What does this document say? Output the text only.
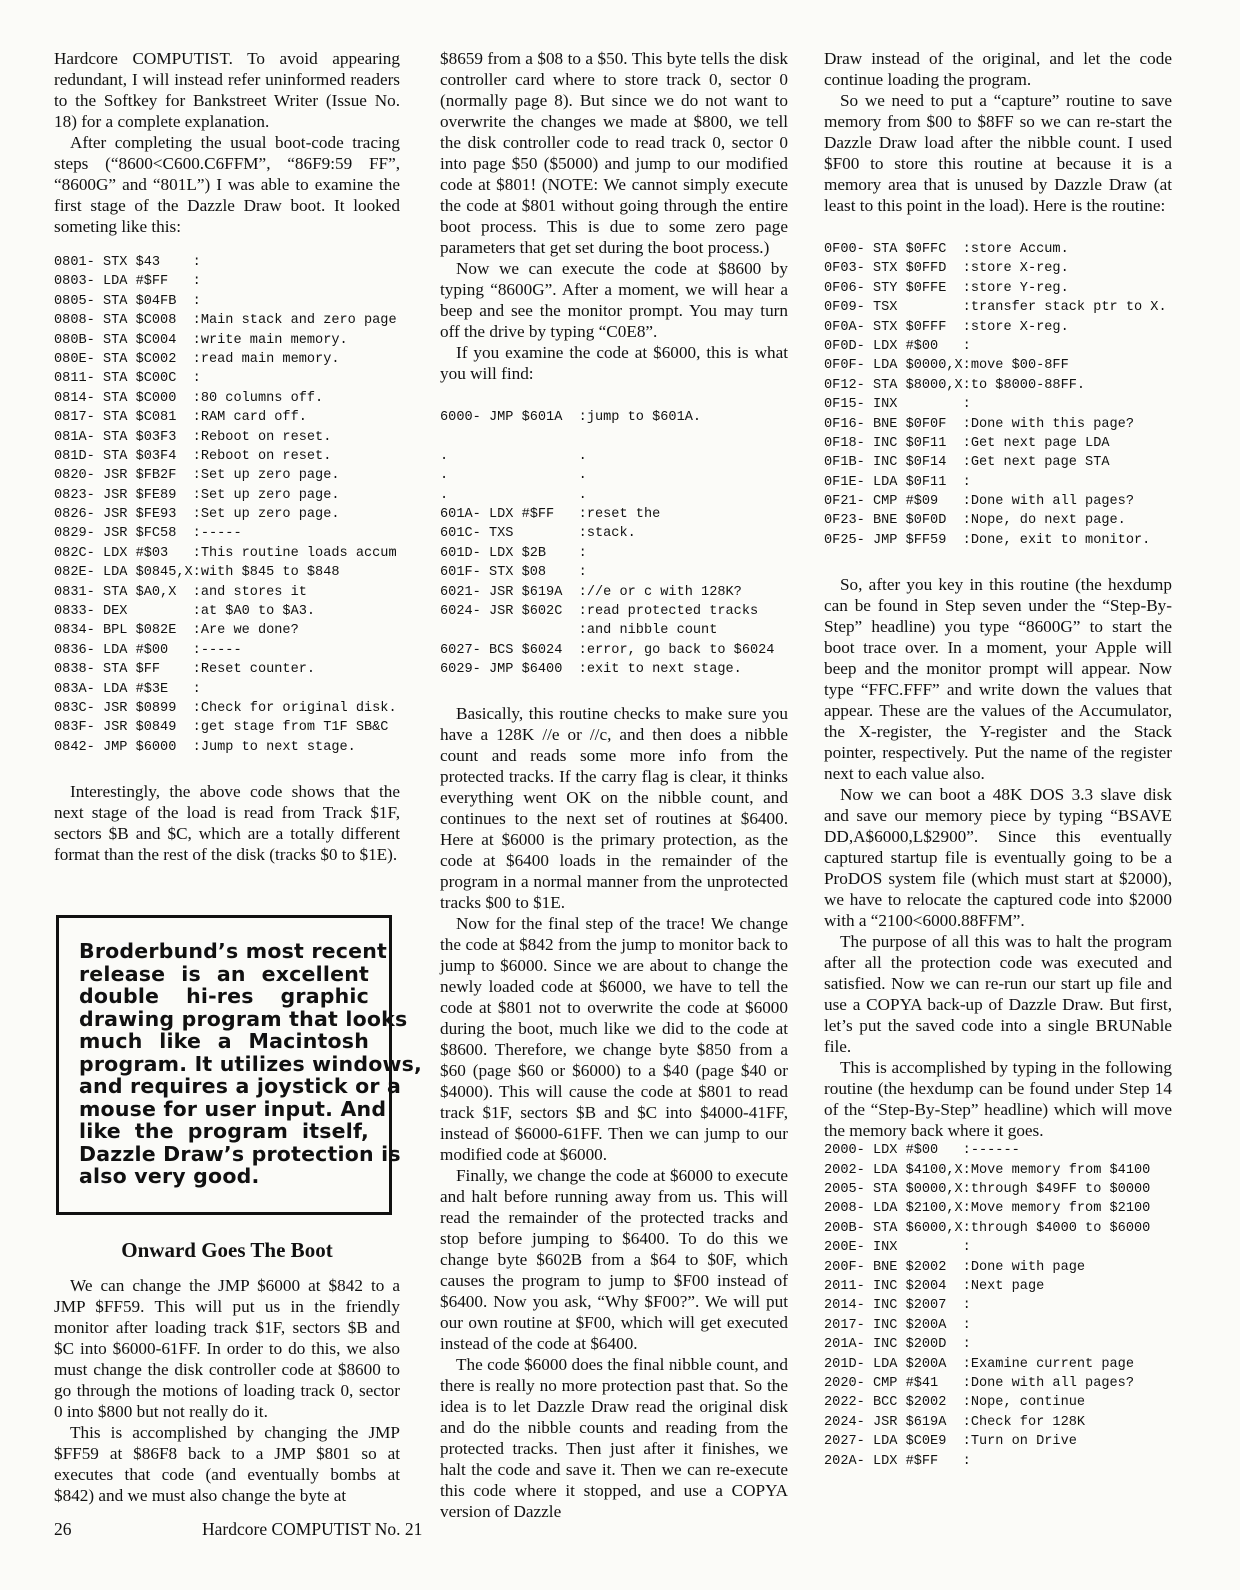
Hardcore COMPUTIST. To avoid appearing redundant, I will instead refer uninformed readers to the Softkey for Bankstreet Writer (Issue No. 18) for a complete explanation.

After completing the usual boot-code tracing steps (“8600<C600.C6FFM”, “86F9:59 FF”, “8600G” and “801L”) I was able to examine the first stage of the Dazzle Draw boot. It looked someting like this:

0801- STX $43    :
0803- LDA #$FF   :
0805- STA $04FB  :
0808- STA $C008  :Main stack and zero page
080B- STA $C004  :write main memory.
080E- STA $C002  :read main memory.
0811- STA $C00C  :
0814- STA $C000  :80 columns off.
0817- STA $C081  :RAM card off.
081A- STA $03F3  :Reboot on reset.
081D- STA $03F4  :Reboot on reset.
0820- JSR $FB2F  :Set up zero page.
0823- JSR $FE89  :Set up zero page.
0826- JSR $FE93  :Set up zero page.
0829- JSR $FC58  :-----
082C- LDX #$03   :This routine loads accum
082E- LDA $0845,X:with $845 to $848
0831- STA $A0,X  :and stores it
0833- DEX        :at $A0 to $A3.
0834- BPL $082E  :Are we done?
0836- LDA #$00   :-----
0838- STA $FF    :Reset counter.
083A- LDA #$3E   :
083C- JSR $0899  :Check for original disk.
083F- JSR $0849  :get stage from T1F SB&C
0842- JMP $6000  :Jump to next stage.

Interestingly, the above code shows that the next stage of the load is read from Track $1F, sectors $B and $C, which are a totally different format than the rest of the disk (tracks $0 to $1E).

Broderbund’s most recent
release is an excellent
double hi-res graphic
drawing program that looks
much like a Macintosh
program. It utilizes windows,
and requires a joystick or a
mouse for user input. And
like the program itself,
Dazzle Draw’s protection is
also very good.
Onward Goes The Boot

We can change the JMP $6000 at $842 to a JMP $FF59. This will put us in the friendly monitor after loading track $1F, sectors $B and $C into $6000-61FF. In order to do this, we also must change the disk controller code at $8600 to go through the motions of loading track 0, sector 0 into $800 but not really do it.

This is accomplished by changing the JMP $FF59 at $86F8 back to a JMP $801 so at executes that code (and eventually bombs at $842) and we must also change the byte at

$8659 from a $08 to a $50. This byte tells the disk controller card where to store track 0, sector 0 (normally page 8). But since we do not want to overwrite the changes we made at $800, we tell the disk controller code to read track 0, sector 0 into page $50 ($5000) and jump to our modified code at $801! (NOTE: We cannot simply execute the code at $801 without going through the entire boot process. This is due to some zero page parameters that get set during the boot process.)

Now we can execute the code at $8600 by typing “8600G”. After a moment, we will hear a beep and see the monitor prompt. You may turn off the drive by typing “C0E8”.

If you examine the code at $6000, this is what you will find:

6000- JMP $601A  :jump to $601A.

.                .
.                .
.                .
601A- LDX #$FF   :reset the
601C- TXS        :stack.
601D- LDX $2B    :
601F- STX $08    :
6021- JSR $619A  ://e or c with 128K?
6024- JSR $602C  :read protected tracks
:and nibble count
6027- BCS $6024  :error, go back to $6024
6029- JMP $6400  :exit to next stage.

Basically, this routine checks to make sure you have a 128K //e or //c, and then does a nibble count and reads some more info from the protected tracks. If the carry flag is clear, it thinks everything went OK on the nibble count, and continues to the next set of routines at $6400. Here at $6000 is the primary protection, as the code at $6400 loads in the remainder of the program in a normal manner from the unprotected tracks $00 to $1E.

Now for the final step of the trace! We change the code at $842 from the jump to monitor back to jump to $6000. Since we are about to change the newly loaded code at $6000, we have to tell the code at $801 not to overwrite the code at $6000 during the boot, much like we did to the code at $8600. Therefore, we change byte $850 from a $60 (page $60 or $6000) to a $40 (page $40 or $4000). This will cause the code at $801 to read track $1F, sectors $B and $C into $4000-41FF, instead of $6000-61FF. Then we can jump to our modified code at $6000.

Finally, we change the code at $6000 to execute and halt before running away from us. This will read the remainder of the protected tracks and stop before jumping to $6400. To do this we change byte $602B from a $64 to $0F, which causes the program to jump to $F00 instead of $6400. Now you ask, “Why $F00?”. We will put our own routine at $F00, which will get executed instead of the code at $6400.

The code $6000 does the final nibble count, and there is really no more protection past that. So the idea is to let Dazzle Draw read the original disk and do the nibble counts and reading from the protected tracks. Then just after it finishes, we halt the code and save it. Then we can re-execute this code where it stopped, and use a COPYA version of Dazzle

Draw instead of the original, and let the code continue loading the program.

So we need to put a “capture” routine to save memory from $00 to $8FF so we can re-start the Dazzle Draw load after the nibble count. I used $F00 to store this routine at because it is a memory area that is unused by Dazzle Draw (at least to this point in the load). Here is the routine:

0F00- STA $0FFC  :store Accum.
0F03- STX $0FFD  :store X-reg.
0F06- STY $0FFE  :store Y-reg.
0F09- TSX        :transfer stack ptr to X.
0F0A- STX $0FFF  :store X-reg.
0F0D- LDX #$00   :
0F0F- LDA $0000,X:move $00-8FF
0F12- STA $8000,X:to $8000-88FF.
0F15- INX        :
0F16- BNE $0F0F  :Done with this page?
0F18- INC $0F11  :Get next page LDA
0F1B- INC $0F14  :Get next page STA
0F1E- LDA $0F11  :
0F21- CMP #$09   :Done with all pages?
0F23- BNE $0F0D  :Nope, do next page.
0F25- JMP $FF59  :Done, exit to monitor.

So, after you key in this routine (the hexdump can be found in Step seven under the “Step-By-Step” headline) you type “8600G” to start the boot trace over. In a moment, your Apple will beep and the monitor prompt will appear. Now type “FFC.FFF” and write down the values that appear. These are the values of the Accumulator, the X-register, the Y-register and the Stack pointer, respectively. Put the name of the register next to each value also.

Now we can boot a 48K DOS 3.3 slave disk and save our memory piece by typing “BSAVE DD,A$6000,L$2900”. Since this eventually captured startup file is eventually going to be a ProDOS system file (which must start at $2000), we have to relocate the captured code into $2000 with a “2100<6000.88FFM”.

The purpose of all this was to halt the program after all the protection code was executed and satisfied. Now we can re-run our start up file and use a COPYA back-up of Dazzle Draw. But first, let’s put the saved code into a single BRUNable file.

This is accomplished by typing in the following routine (the hexdump can be found under Step 14 of the “Step-By-Step” headline) which will move the memory back where it goes.

2000- LDX #$00   :------
2002- LDA $4100,X:Move memory from $4100
2005- STA $0000,X:through $49FF to $0000
2008- LDA $2100,X:Move memory from $2100
200B- STA $6000,X:through $4000 to $6000
200E- INX        :
200F- BNE $2002  :Done with page
2011- INC $2004  :Next page
2014- INC $2007  :
2017- INC $200A  :
201A- INC $200D  :
201D- LDA $200A  :Examine current page
2020- CMP #$41   :Done with all pages?
2022- BCC $2002  :Nope, continue
2024- JSR $619A  :Check for 128K
2027- LDA $C0E9  :Turn on Drive
202A- LDX #$FF   :
26	Hardcore COMPUTIST No. 21
